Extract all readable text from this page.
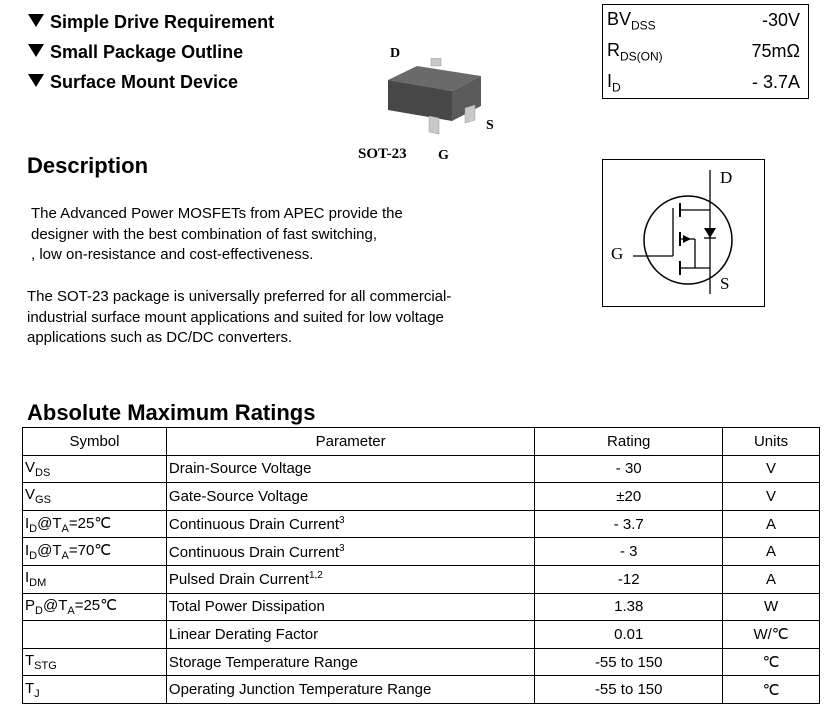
Simple Drive Requirement
Small Package Outline
Surface Mount Device
D
S
G
SOT-23
$BV_{DSS}$	-30V
$R_{DS(ON)}$	75mΩ
$I_D$	- 3.7A
D
G
S
Description
The Advanced Power MOSFETs from APEC provide the
designer with the best combination of fast switching,
, low on-resistance and cost-effectiveness.
The SOT-23 package is universally preferred for all commercial-
industrial surface mount applications and suited for low voltage
applications such as DC/DC converters.
Absolute Maximum Ratings
Symbol	Parameter	Rating	Units
$V_{DS}$	Drain-Source Voltage	- 30	V
$V_{GS}$	Gate-Source Voltage	±20	V
$I_D@T_A=25℃$	Continuous Drain Current$^3$	- 3.7	A
$I_D@T_A=70℃$	Continuous Drain Current$^3$	- 3	A
$I_{DM}$	Pulsed Drain Current$^{1,2}$	-12	A
$P_D@T_A=25℃$	Total Power Dissipation	1.38	W
	Linear Derating Factor	0.01	W/℃
$T_{STG}$	Storage Temperature Range	-55 to 150	℃
$T_J$	Operating Junction Temperature Range	-55 to 150	℃
